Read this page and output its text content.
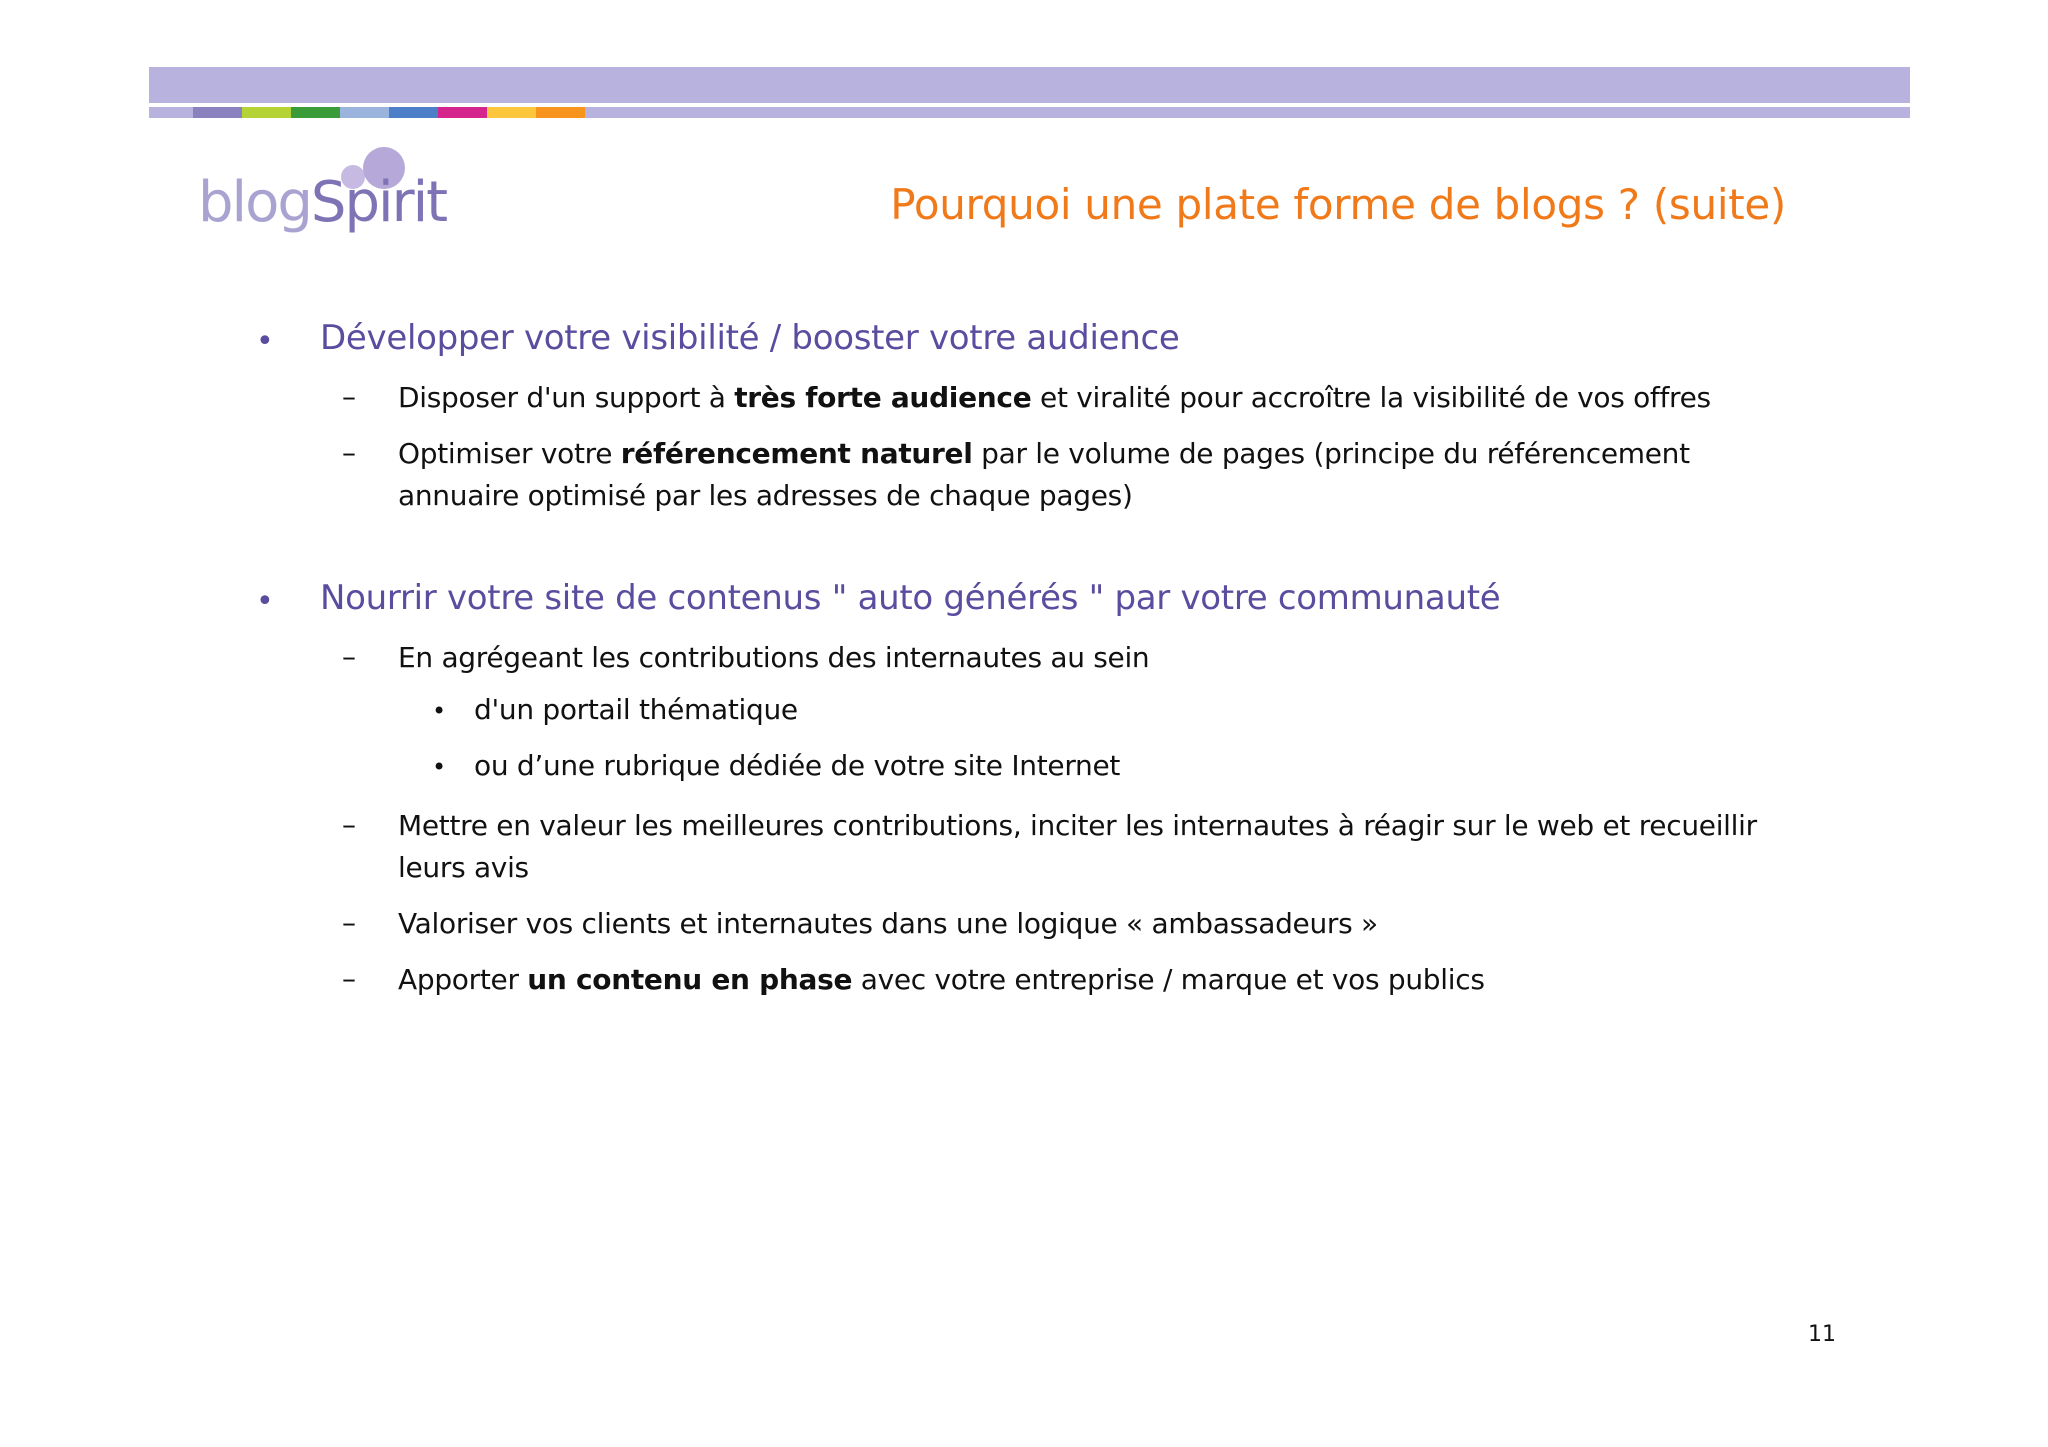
blogSpirit	Pourquoi une plate forme de blogs ? (suite)
• Développer votre visibilité / booster votre audience
– Disposer d'un support à très forte audience et viralité pour accroître la visibilité de vos offres
– Optimiser votre référencement naturel par le volume de pages (principe du référencement annuaire optimisé par les adresses de chaque pages)
• Nourrir votre site de contenus " auto générés " par votre communauté
– En agrégeant les contributions des internautes au sein
• d'un portail thématique
• ou d’une rubrique dédiée de votre site Internet
– Mettre en valeur les meilleures contributions, inciter les internautes à réagir sur le web et recueillir leurs avis
– Valoriser vos clients et internautes dans une logique « ambassadeurs »
– Apporter un contenu en phase avec votre entreprise / marque et vos publics
11
